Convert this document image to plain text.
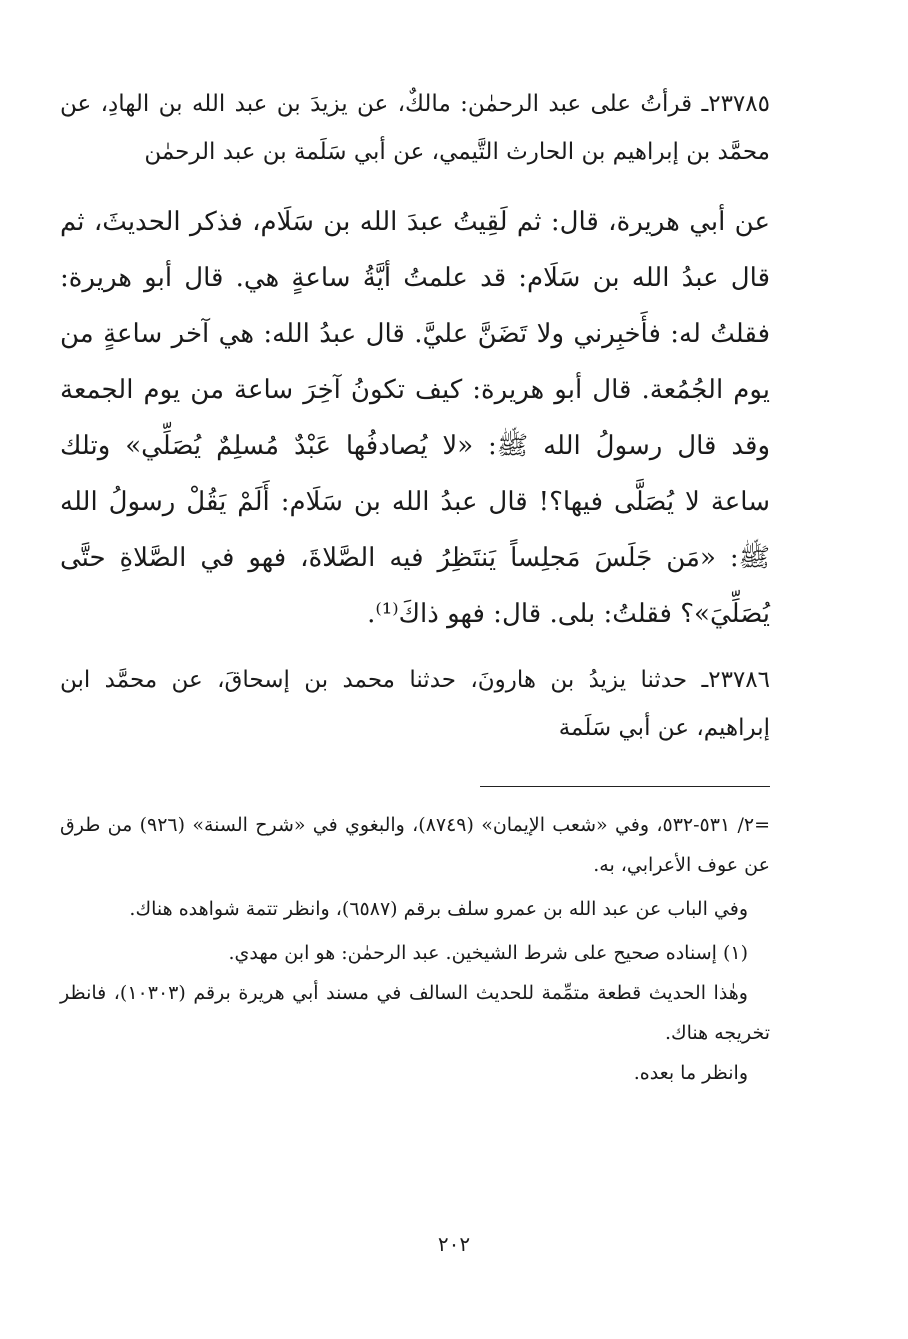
٢٣٧٨٥ـ قرأتُ على عبد الرحمٰن: مالكٌ، عن يزيدَ بن عبد الله بن الهادِ، عن محمَّد بن إبراهيم بن الحارث التَّيمي، عن أبي سَلَمة بن عبد الرحمٰن

عن أبي هريرة، قال: ثم لَقِيتُ عبدَ الله بن سَلَام، فذكر الحديثَ، ثم قال عبدُ الله بن سَلَام: قد علمتُ أيَّةُ ساعةٍ هي. قال أبو هريرة: فقلتُ له: فأَخبِرني ولا تَضَنَّ عليَّ. قال عبدُ الله: هي آخر ساعةٍ من يوم الجُمُعة. قال أبو هريرة: كيف تكونُ آخِرَ ساعة من يوم الجمعة وقد قال رسولُ الله ﷺ: «لا يُصادفُها عَبْدٌ مُسلِمٌ يُصَلِّي» وتلك ساعة لا يُصَلَّى فيها؟! قال عبدُ الله بن سَلَام: أَلَمْ يَقُلْ رسولُ الله ﷺ: «مَن جَلَسَ مَجلِساً يَنتَظِرُ فيه الصَّلاةَ، فهو في الصَّلاةِ حتَّى يُصَلِّيَ»؟ فقلتُ: بلى. قال: فهو ذاكَ⁽¹⁾.

٢٣٧٨٦ـ حدثنا يزيدُ بن هارونَ، حدثنا محمد بن إسحاقَ، عن محمَّد ابن إبراهيم، عن أبي سَلَمة

=٢/ ٥٣١-٥٣٢، وفي «شعب الإيمان» (٨٧٤٩)، والبغوي في «شرح السنة» (٩٢٦) من طرق عن عوف الأعرابي، به.

وفي الباب عن عبد الله بن عمرو سلف برقم (٦٥٨٧)، وانظر تتمة شواهده هناك.

(١) إسناده صحيح على شرط الشيخين. عبد الرحمٰن: هو ابن مهدي.

وهٰذا الحديث قطعة متمِّمة للحديث السالف في مسند أبي هريرة برقم (١٠٣٠٣)، فانظر تخريجه هناك.

وانظر ما بعده.

٢٠٢
